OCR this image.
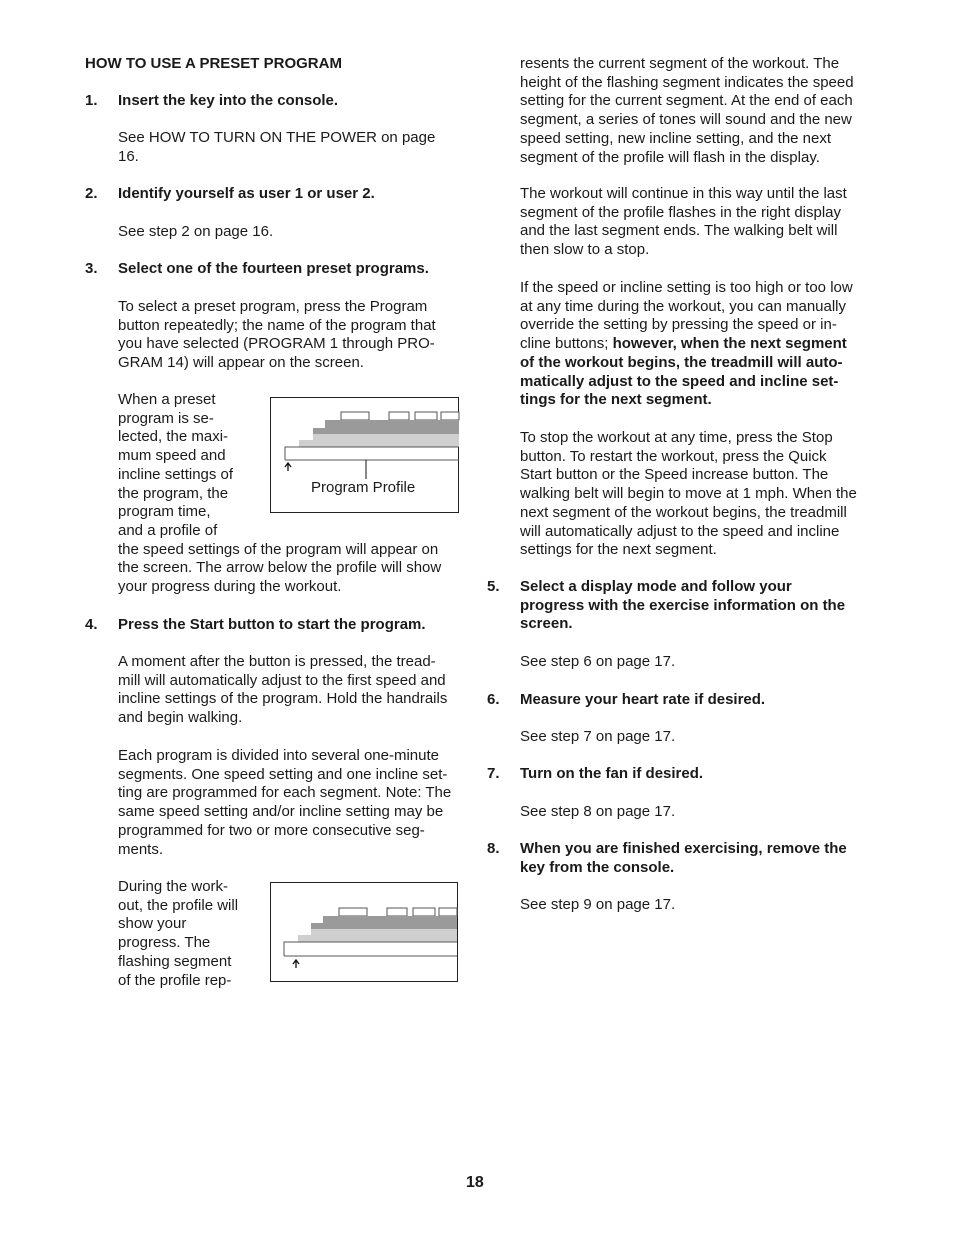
HOW TO USE A PRESET PROGRAM
1. Insert the key into the console.

See HOW TO TURN ON THE POWER on page

16.

2. Identify yourself as user 1 or user 2.

See step 2 on page 16.

3. Select one of the fourteen preset programs.

To select a preset program, press the Program

button repeatedly; the name of the program that

you have selected (PROGRAM 1 through PRO-

GRAM 14) will appear on the screen.

When a preset

program is se-

lected, the maxi-

mum speed and

incline settings of

the program, the

program time,

and a profile of

the speed settings of the program will appear on

the screen. The arrow below the profile will show

your progress during the workout.

Program Profile
4. Press the Start button to start the program.

A moment after the button is pressed, the tread-

mill will automatically adjust to the first speed and

incline settings of the program. Hold the handrails

and begin walking.

Each program is divided into several one-minute

segments. One speed setting and one incline set-

ting are programmed for each segment. Note: The

same speed setting and/or incline setting may be

programmed for two or more consecutive seg-

ments.

During the work-

out, the profile will

show your

progress. The

flashing segment

of the profile rep-

resents the current segment of the workout. The

height of the flashing segment indicates the speed

setting for the current segment. At the end of each

segment, a series of tones will sound and the new

speed setting, new incline setting, and the next

segment of the profile will flash in the display.

The workout will continue in this way until the last

segment of the profile flashes in the right display

and the last segment ends. The walking belt will

then slow to a stop.

If the speed or incline setting is too high or too low

at any time during the workout, you can manually

override the setting by pressing the speed or in-

cline buttons; however, when the next segment

of the workout begins, the treadmill will auto-

matically adjust to the speed and incline set-

tings for the next segment.

To stop the workout at any time, press the Stop

button. To restart the workout, press the Quick

Start button or the Speed increase button. The

walking belt will begin to move at 1 mph. When the

next segment of the workout begins, the treadmill

will automatically adjust to the speed and incline

settings for the next segment.

5. Select a display mode and follow your

progress with the exercise information on the

screen.

See step 6 on page 17.
6. Measure your heart rate if desired.
See step 7 on page 17.
7. Turn on the fan if desired.
See step 8 on page 17.
8. When you are finished exercising, remove the

key from the console.

See step 9 on page 17.
18
